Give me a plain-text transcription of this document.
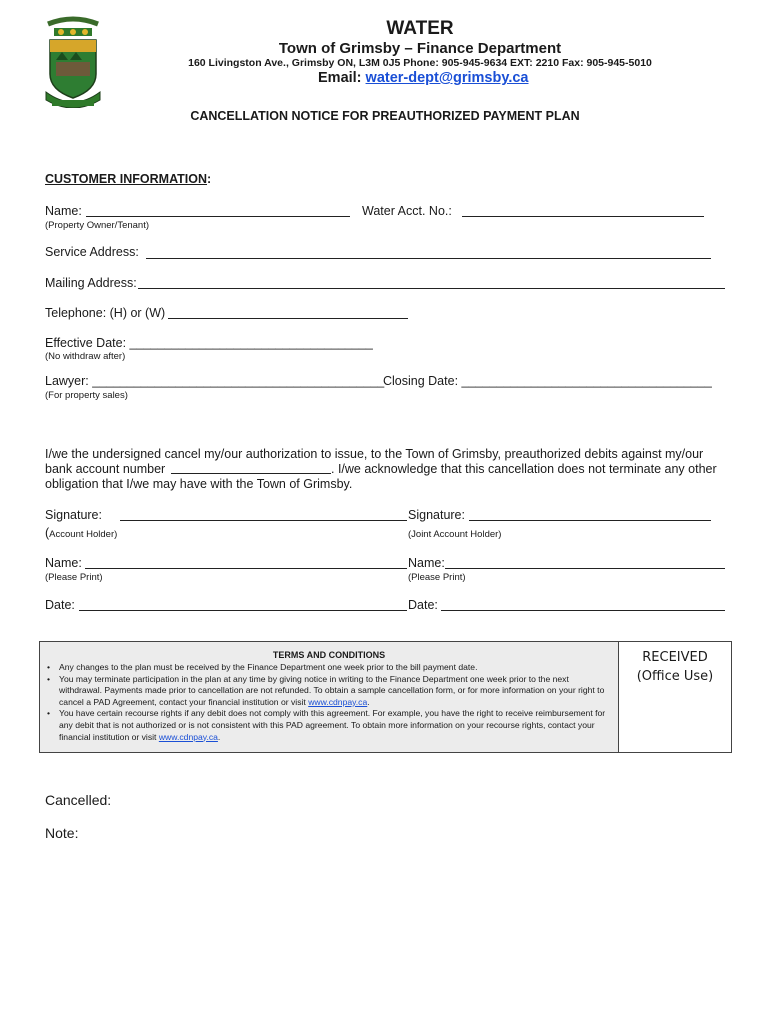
WATER
Town of Grimsby – Finance Department
160 Livingston Ave., Grimsby ON, L3M 0J5 Phone: 905-945-9634 EXT: 2210 Fax: 905-945-5010
Email: water-dept@grimsby.ca
CANCELLATION NOTICE FOR PREAUTHORIZED PAYMENT PLAN
CUSTOMER INFORMATION:
Name:
(Property Owner/Tenant)
Water Acct. No.:
Service Address:
Mailing Address:
Telephone: (H) or (W)
Effective Date: ___________________________________
(No withdraw after)
Lawyer: __________________________________________
Closing Date: ____________________________________
(For property sales)
I/we the undersigned cancel my/our authorization to issue, to the Town of Grimsby, preauthorized debits against my/our
bank account number	. I/we acknowledge that this cancellation does not terminate any other
obligation that I/we may have with the Town of Grimsby.
Signature:	Signature:
(Account Holder)	(Joint Account Holder)
Name:	Name:
(Please Print)	(Please Print)
Date:	Date:
TERMS AND CONDITIONS
• Any changes to the plan must be received by the Finance Department one week prior to the bill payment date.
• You may terminate participation in the plan at any time by giving notice in writing to the Finance Department one week prior to the next withdrawal. Payments made prior to cancellation are not refunded. To obtain a sample cancellation form, or for more information on your right to cancel a PAD Agreement, contact your financial institution or visit www.cdnpay.ca.
• You have certain recourse rights if any debit does not comply with this agreement. For example, you have the right to receive reimbursement for any debit that is not authorized or is not consistent with this PAD agreement. To obtain more information on your recourse rights, contact your financial institution or visit www.cdnpay.ca.
RECEIVED
(Office Use)
Cancelled:
Note:
